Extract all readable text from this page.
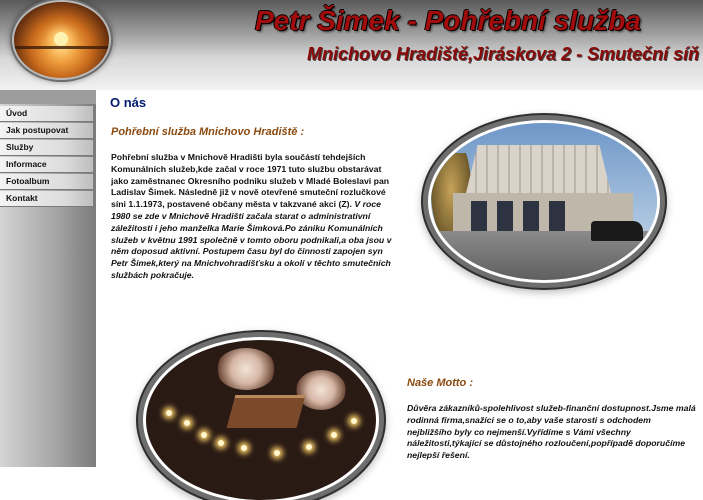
Petr Šimek - Pohřební služba
Mnichovo Hradiště,Jiráskova 2 - Smuteční síň
Úvod
Jak postupovat
Služby
Informace
Fotoalbum
Kontakt
O nás
Pohřební služba Mnichovo Hradiště :
Pohřební služba v Mnichově Hradišti byla součástí tehdejších Komunálních služeb,kde začal v roce 1971 tuto službu obstarávat jako zaměstnanec Okresního podniku služeb v Mladé Boleslavi pan Ladislav Šimek. Následně již v nově otevřené smuteční rozlučkové síni 1.1.1973, postavené občany města v takzvané akci (Z). V roce 1980 se zde v Mnichově Hradišti začala starat o administrativní záležitosti i jeho manželka Marie Šimková.Po zániku Komunálních služeb v květnu 1991 společně v tomto oboru podnikali,a oba jsou v něm doposud aktivní. Postupem času byl do činnosti zapojen syn Petr Šimek,který na Mnichvohradišťsku a okolí v těchto smutečních službách pokračuje.
Naše Motto :
Důvěra zákazníků-spolehlivost služeb-finanční dostupnost.Jsme malá rodinná firma,snažící se o to,aby vaše starosti s odchodem nejbližšího byly co nejmenší.Vyřídíme s Vámi všechny náležitosti,týkající se důstojného rozloučení,popřípadě doporučíme nejlepší řešení.
